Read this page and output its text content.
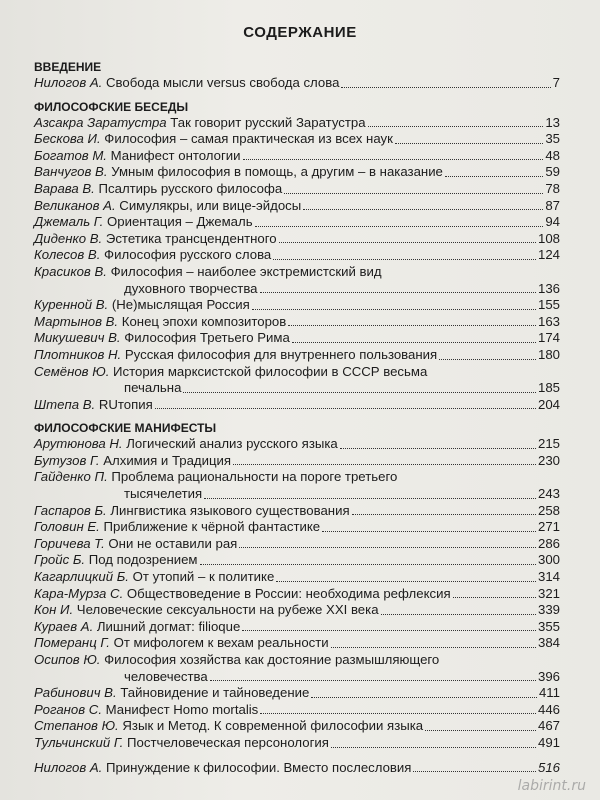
СОДЕРЖАНИЕ
ВВЕДЕНИЕ
Нилогов А. Свобода мысли versus свобода слова	7
ФИЛОСОФСКИЕ БЕСЕДЫ
Азсакра Заратустра Так говорит русский Заратустра	13
Бескова И. Философия – самая практическая из всех наук	35
Богатов М. Манифест онтологии	48
Ванчугов В. Умным философия в помощь, а другим – в наказание	59
Варава В. Псалтирь русского философа	78
Великанов А. Симулякры, или вице-эйдосы	87
Джемаль Г. Ориентация – Джемаль	94
Диденко В. Эстетика трансцендентного	108
Колесов В. Философия русского слова	124
Красиков В. Философия – наиболее экстремистский вид
духовного творчества	136
Куренной В. (Не)мыслящая Россия	155
Мартынов В. Конец эпохи композиторов	163
Микушевич В. Философия Третьего Рима	174
Плотников Н. Русская философия для внутреннего пользования	180
Семёнов Ю. История марксистской философии в СССР весьма
печальна	185
Штепа В. RUтопия	204
ФИЛОСОФСКИЕ МАНИФЕСТЫ
Арутюнова Н. Логический анализ русского языка	215
Бутузов Г. Алхимия и Традиция	230
Гайденко П. Проблема рациональности на пороге третьего
тысячелетия	243
Гаспаров Б. Лингвистика языкового существования	258
Головин Е. Приближение к чёрной фантастике	271
Горичева Т. Они не оставили рая	286
Гройс Б. Под подозрением	300
Кагарлицкий Б. От утопий – к политике	314
Кара-Мурза С. Обществоведение в России: необходима рефлексия	321
Кон И. Человеческие сексуальности на рубеже XXI века	339
Кураев А. Лишний догмат: filioque	355
Померанц Г. От мифологем к вехам реальности	384
Осипов Ю. Философия хозяйства как достояние размышляющего
человечества	396
Рабинович В. Тайновидение и тайноведение	411
Роганов С. Манифест Homo mortalis	446
Степанов Ю. Язык и Метод. К современной философии языка	467
Тульчинский Г. Постчеловеческая персонология	491
Нилогов А. Принуждение к философии. Вместо послесловия	516
labirint.ru
